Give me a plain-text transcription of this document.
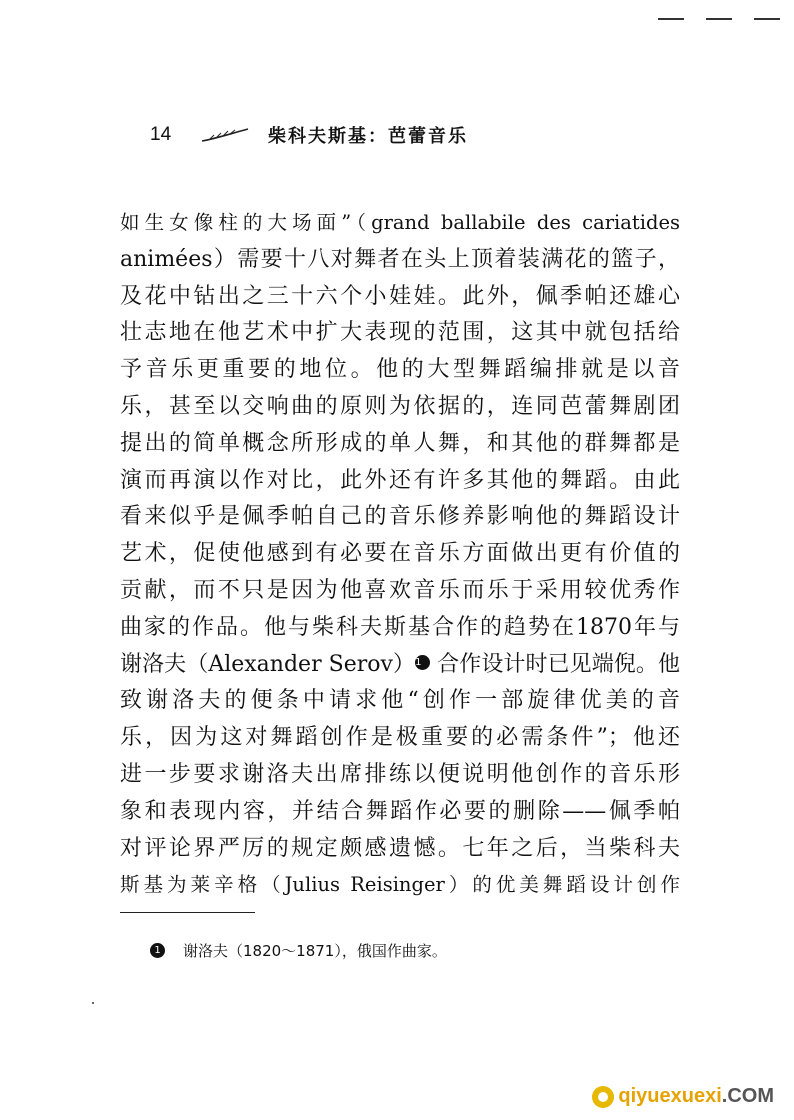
14	柴科夫斯基：芭蕾音乐
如生女像柱的大场面”（grand ballabile des cariatides
animées）需要十八对舞者在头上顶着装满花的篮子，
及花中钻出之三十六个小娃娃。此外，佩季帕还雄心
壮志地在他艺术中扩大表现的范围，这其中就包括给
予音乐更重要的地位。他的大型舞蹈编排就是以音
乐，甚至以交响曲的原则为依据的，连同芭蕾舞剧团
提出的简单概念所形成的单人舞，和其他的群舞都是
演而再演以作对比，此外还有许多其他的舞蹈。由此
看来似乎是佩季帕自己的音乐修养影响他的舞蹈设计
艺术，促使他感到有必要在音乐方面做出更有价值的
贡献，而不只是因为他喜欢音乐而乐于采用较优秀作
曲家的作品。他与柴科夫斯基合作的趋势在1870年与
谢洛夫（Alexander Serov）1 合作设计时已见端倪。他
致谢洛夫的便条中请求他“创作一部旋律优美的音
乐，因为这对舞蹈创作是极重要的必需条件”；他还
进一步要求谢洛夫出席排练以便说明他创作的音乐形
象和表现内容，并结合舞蹈作必要的删除——佩季帕
对评论界严厉的规定颇感遗憾。七年之后，当柴科夫
斯基为莱辛格（Julius Reisinger）的优美舞蹈设计创作
1 谢洛夫（1820～1871），俄国作曲家。
qiyuexuexi .COM
